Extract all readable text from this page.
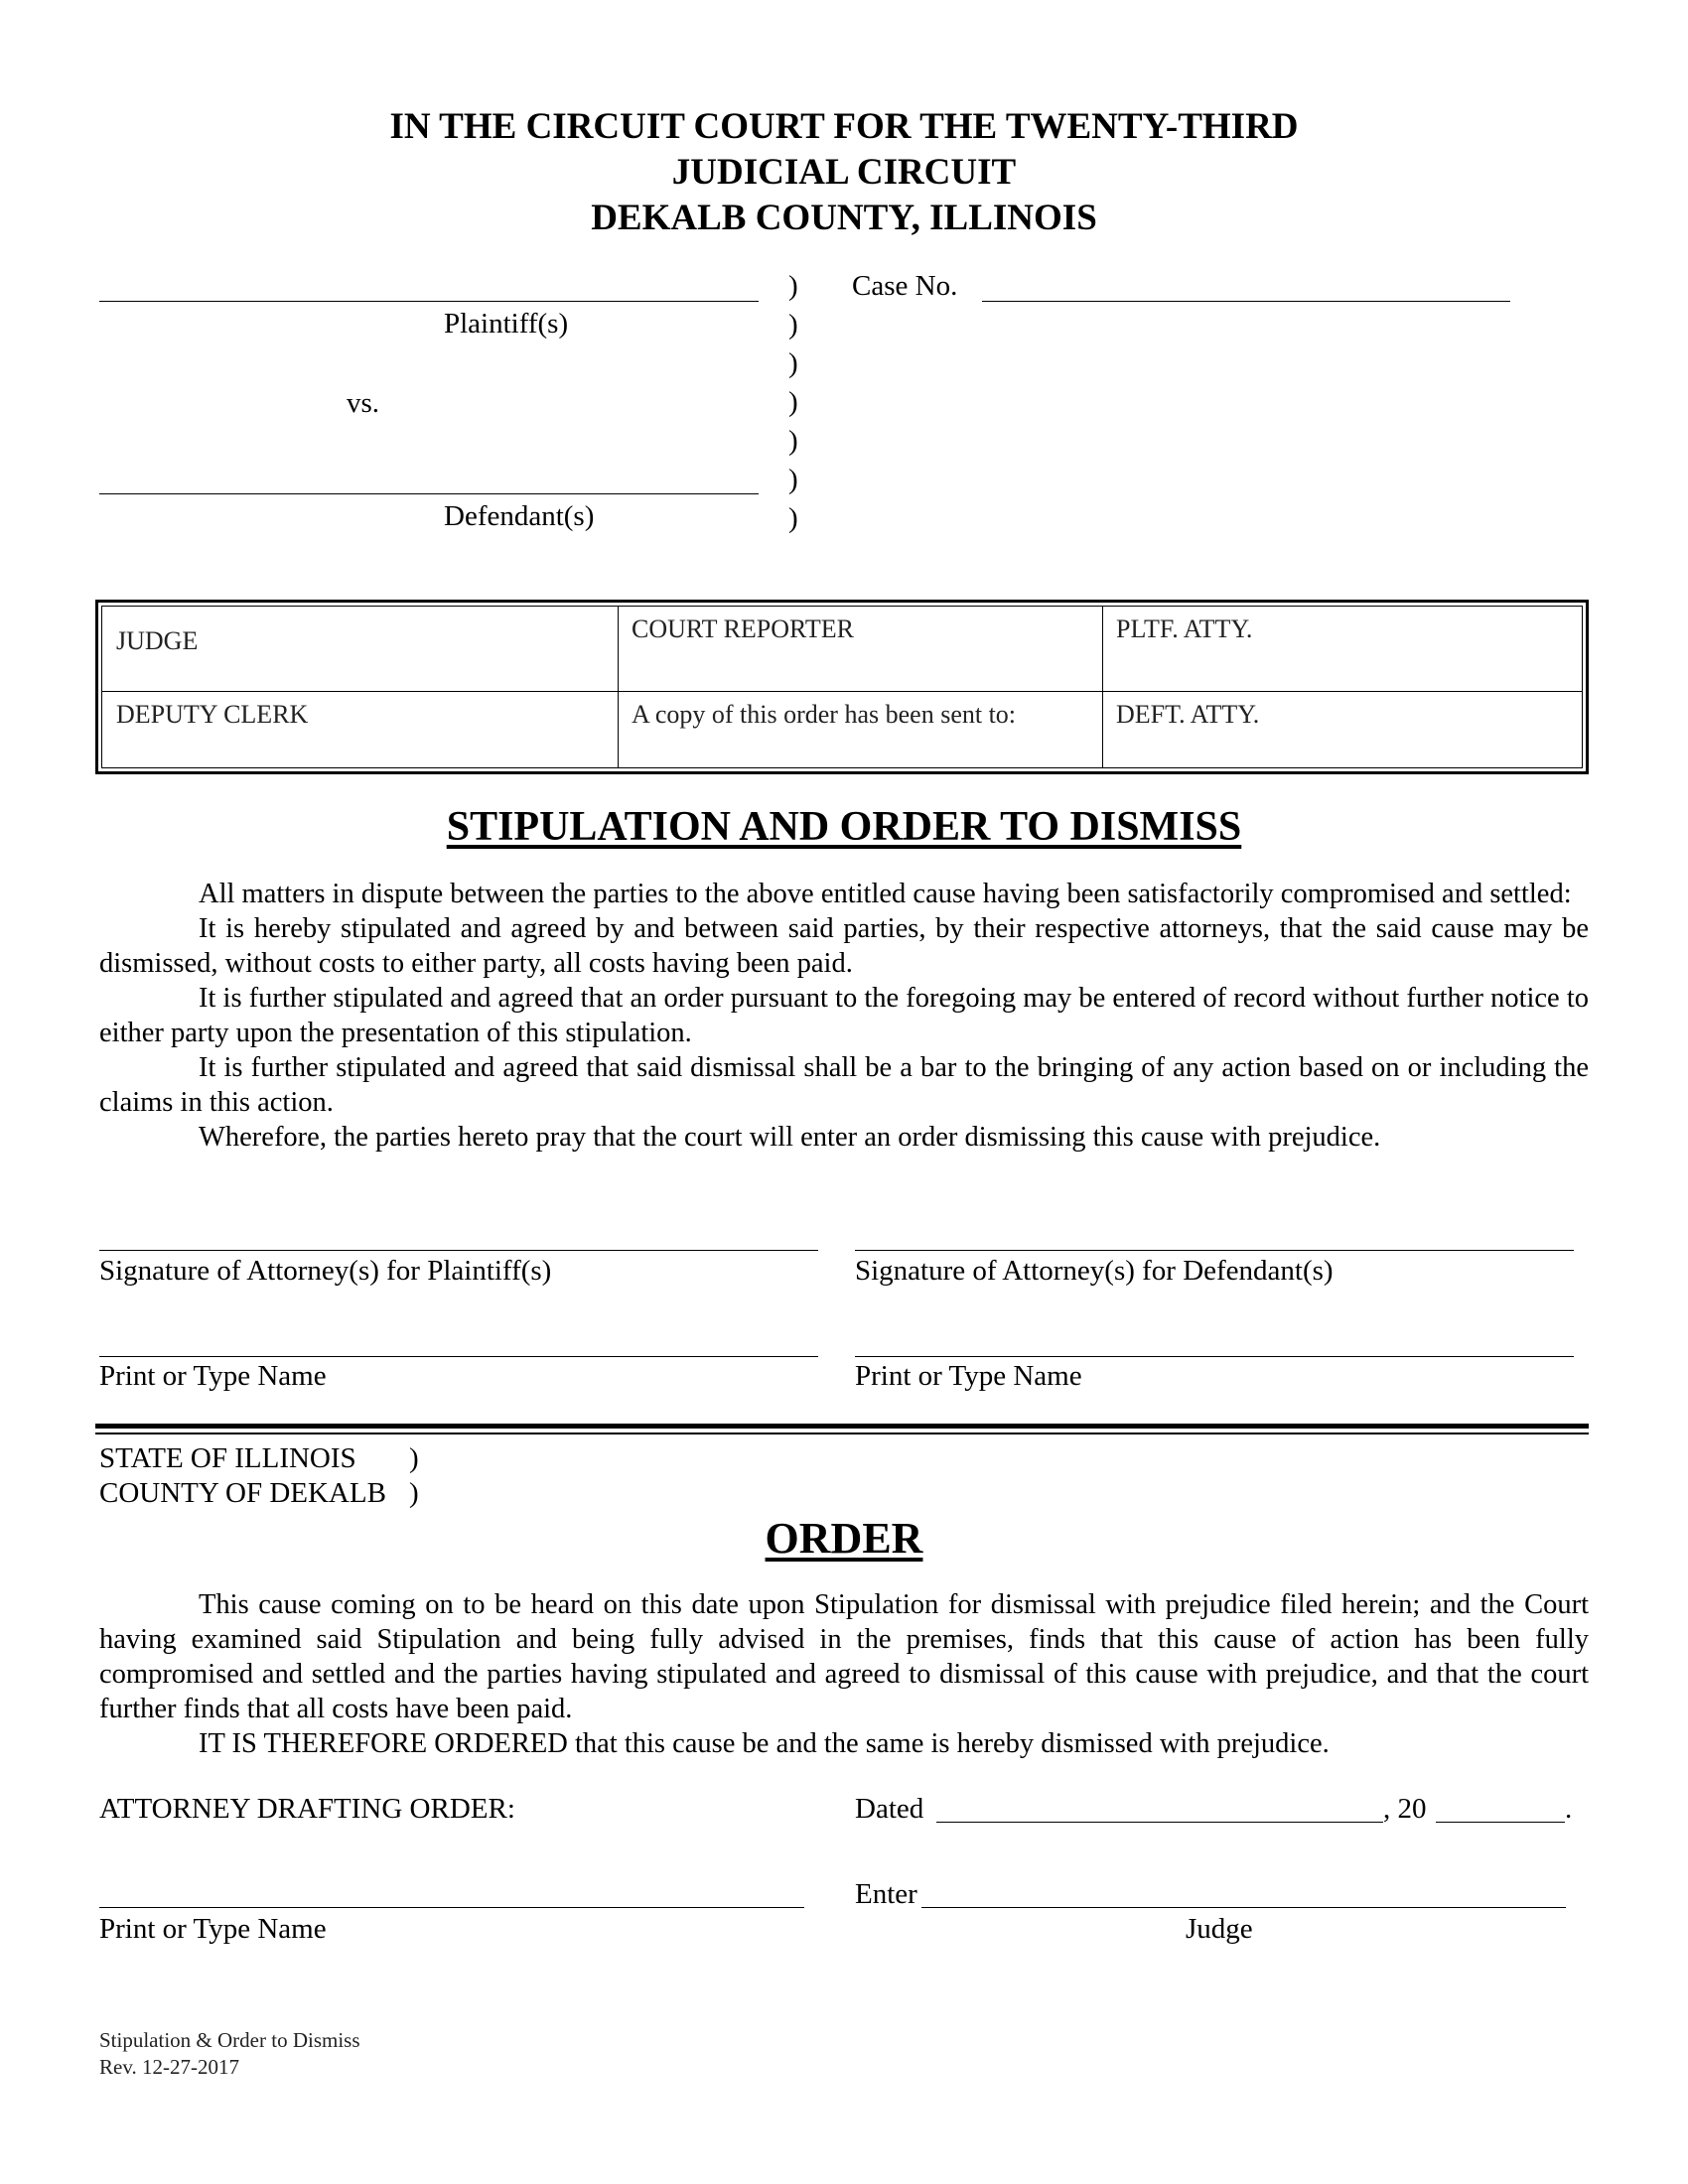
IN THE CIRCUIT COURT FOR THE TWENTY-THIRD
JUDICIAL CIRCUIT
DEKALB COUNTY, ILLINOIS
Plaintiff(s)
vs.
Defendant(s)
)
)
)
)
)
)
)
Case No.
JUDGE	COURT REPORTER	PLTF. ATTY.
DEPUTY CLERK	A copy of this order has been sent to:	DEFT. ATTY.
STIPULATION AND ORDER TO DISMISS

All matters in dispute between the parties to the above entitled cause having been satisfactorily compromised and settled:

It is hereby stipulated and agreed by and between said parties, by their respective attorneys, that the said cause may be dismissed, without costs to either party, all costs having been paid.

It is further stipulated and agreed that an order pursuant to the foregoing may be entered of record without further notice to either party upon the presentation of this stipulation.

It is further stipulated and agreed that said dismissal shall be a bar to the bringing of any action based on or including the claims in this action.

Wherefore, the parties hereto pray that the court will enter an order dismissing this cause with prejudice.

Signature of Attorney(s) for Plaintiff(s)	Signature of Attorney(s) for Defendant(s)
Print or Type Name	Print or Type Name
STATE OF ILLINOIS )
COUNTY OF DEKALB )
ORDER

This cause coming on to be heard on this date upon Stipulation for dismissal with prejudice filed herein; and the Court having examined said Stipulation and being fully advised in the premises, finds that this cause of action has been fully compromised and settled and the parties having stipulated and agreed to dismissal of this cause with prejudice, and that the court further finds that all costs have been paid.

IT IS THEREFORE ORDERED that this cause be and the same is hereby dismissed with prejudice.

ATTORNEY DRAFTING ORDER:	Dated	, 20	.
Enter
Judge
Print or Type Name
Stipulation & Order to Dismiss
Rev. 12-27-2017
